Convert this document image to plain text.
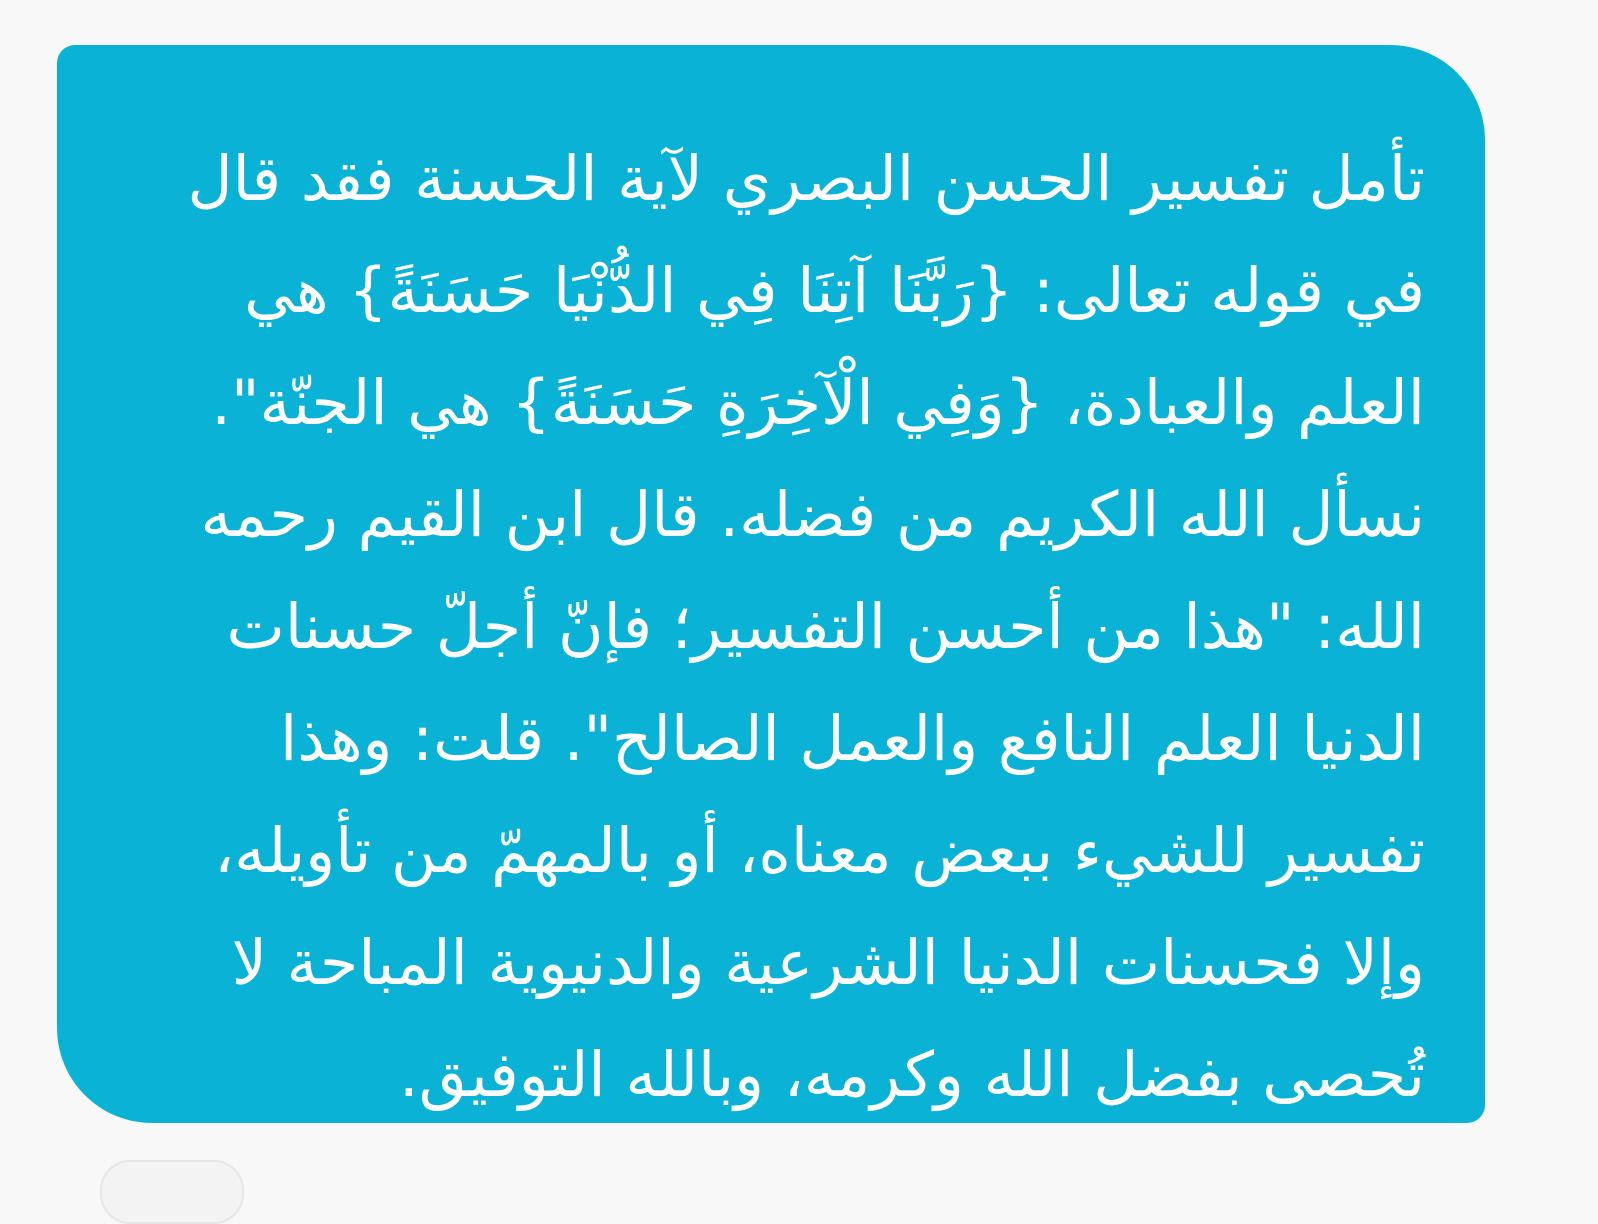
تأمل تفسير الحسن البصري لآية الحسنة فقد قال
في قوله تعالى: {رَبَّنَا آتِنَا فِي الدُّنْيَا حَسَنَةً} هي
العلم والعبادة، {وَفِي الْآخِرَةِ حَسَنَةً} هي الجنّة".
نسأل الله الكريم من فضله. قال ابن القيم رحمه
الله: "هذا من أحسن التفسير؛ فإنّ أجلّ حسنات
الدنيا العلم النافع والعمل الصالح". قلت: وهذا
تفسير للشيء ببعض معناه، أو بالمهمّ من تأويله،
وإلا فحسنات الدنيا الشرعية والدنيوية المباحة لا
تُحصى بفضل الله وكرمه، وبالله التوفيق.
